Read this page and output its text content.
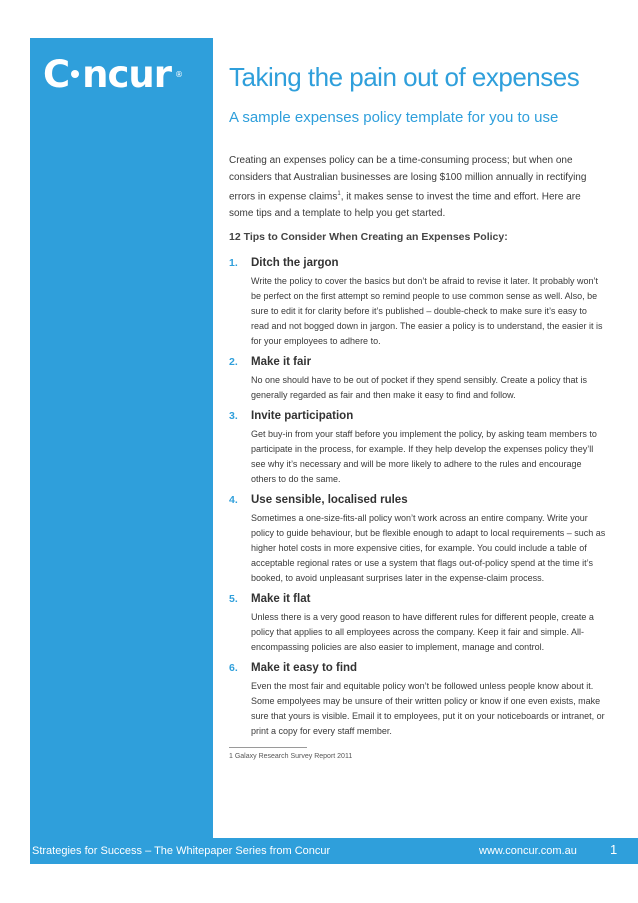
C ncur ® Taking the pain out of expenses
A sample expenses policy template for you to use

Creating an expenses policy can be a time-consuming process; but when one considers that Australian businesses are losing $100 million annually in rectifying errors in expense claims$^1$, it makes sense to invest the time and effort. Here are some tips and a template to help you get started.

12 Tips to Consider When Creating an Expenses Policy:
1. Ditch the jargon
Write the policy to cover the basics but don’t be afraid to revise it later. It probably won’t be perfect on the first attempt so remind people to use common sense as well. Also, be sure to edit it for clarity before it’s published – double-check to make sure it’s easy to read and not bogged down in jargon. The easier a policy is to understand, the easier it is for your employees to adhere to.
2. Make it fair
No one should have to be out of pocket if they spend sensibly. Create a policy that is generally regarded as fair and then make it easy to find and follow.
3. Invite participation
Get buy-in from your staff before you implement the policy, by asking team members to participate in the process, for example. If they help develop the expenses policy they’ll see why it’s necessary and will be more likely to adhere to the rules and encourage others to do the same.
4. Use sensible, localised rules
Sometimes a one-size-fits-all policy won’t work across an entire company. Write your policy to guide behaviour, but be flexible enough to adapt to local requirements – such as higher hotel costs in more expensive cities, for example. You could include a table of acceptable regional rates or use a system that flags out-of-policy spend at the time it’s booked, to avoid unpleasant surprises later in the expense-claim process.
5. Make it flat
Unless there is a very good reason to have different rules for different people, create a policy that applies to all employees across the company. Keep it fair and simple. All-encompassing policies are also easier to implement, manage and control.
6. Make it easy to find
Even the most fair and equitable policy won’t be followed unless people know about it. Some empolyees may be unsure of their written policy or know if one even exists, make sure that yours is visible. Email it to employees, put it on your noticeboards or intranet, or print a copy for every staff member.

1 Galaxy Research Survey Report 2011

Strategies for Success – The Whitepaper Series from Concur	www.concur.com.au	1
